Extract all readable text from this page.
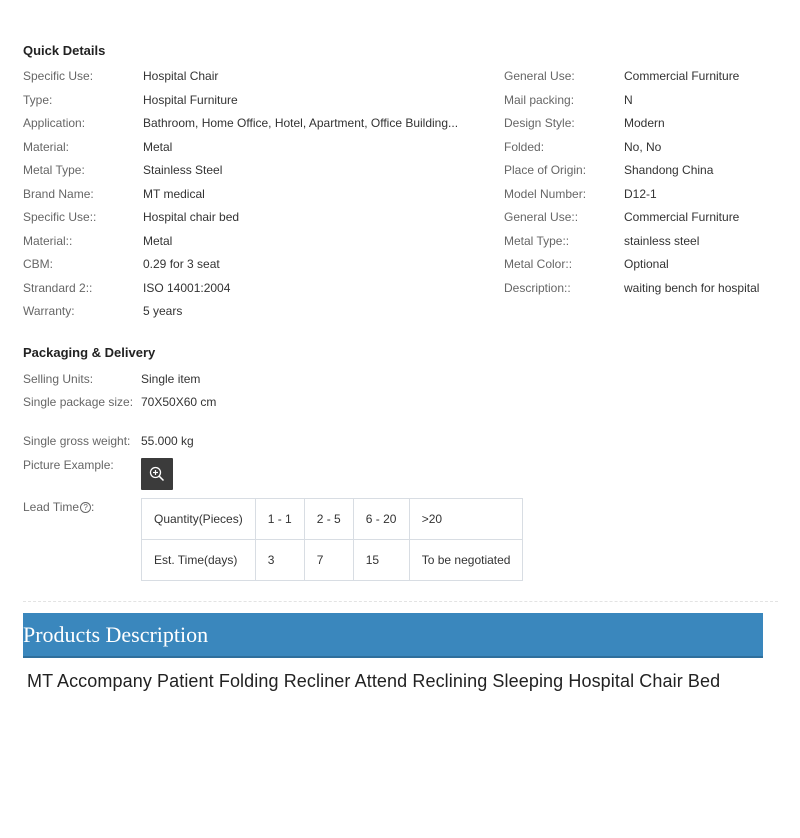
Quick Details
Specific Use:	Hospital Chair
Type:	Hospital Furniture
Application:	Bathroom, Home Office, Hotel, Apartment, Office Building...
Material:	Metal
Metal Type:	Stainless Steel
Brand Name:	MT medical
Specific Use::	Hospital chair bed
Material::	Metal
CBM:	0.29 for 3 seat
Strandard 2::	ISO 14001:2004
Warranty:	5 years
General Use:	Commercial Furniture
Mail packing:	N
Design Style:	Modern
Folded:	No, No
Place of Origin:	Shandong China
Model Number:	D12-1
General Use::	Commercial Furniture
Metal Type::	stainless steel
Metal Color::	Optional
Description::	waiting bench for hospital
Packaging & Delivery
Selling Units:	Single item
Single package size: 70X50X60 cm
Single gross weight: 55.000 kg
Picture Example:
Lead Time ? :
Quantity(Pieces)	1 - 1	2 - 5	6 - 20	>20
Est. Time(days)	3	7	15	To be negotiated
Products Description
MT Accompany Patient Folding Recliner Attend Reclining Sleeping Hospital Chair Bed
